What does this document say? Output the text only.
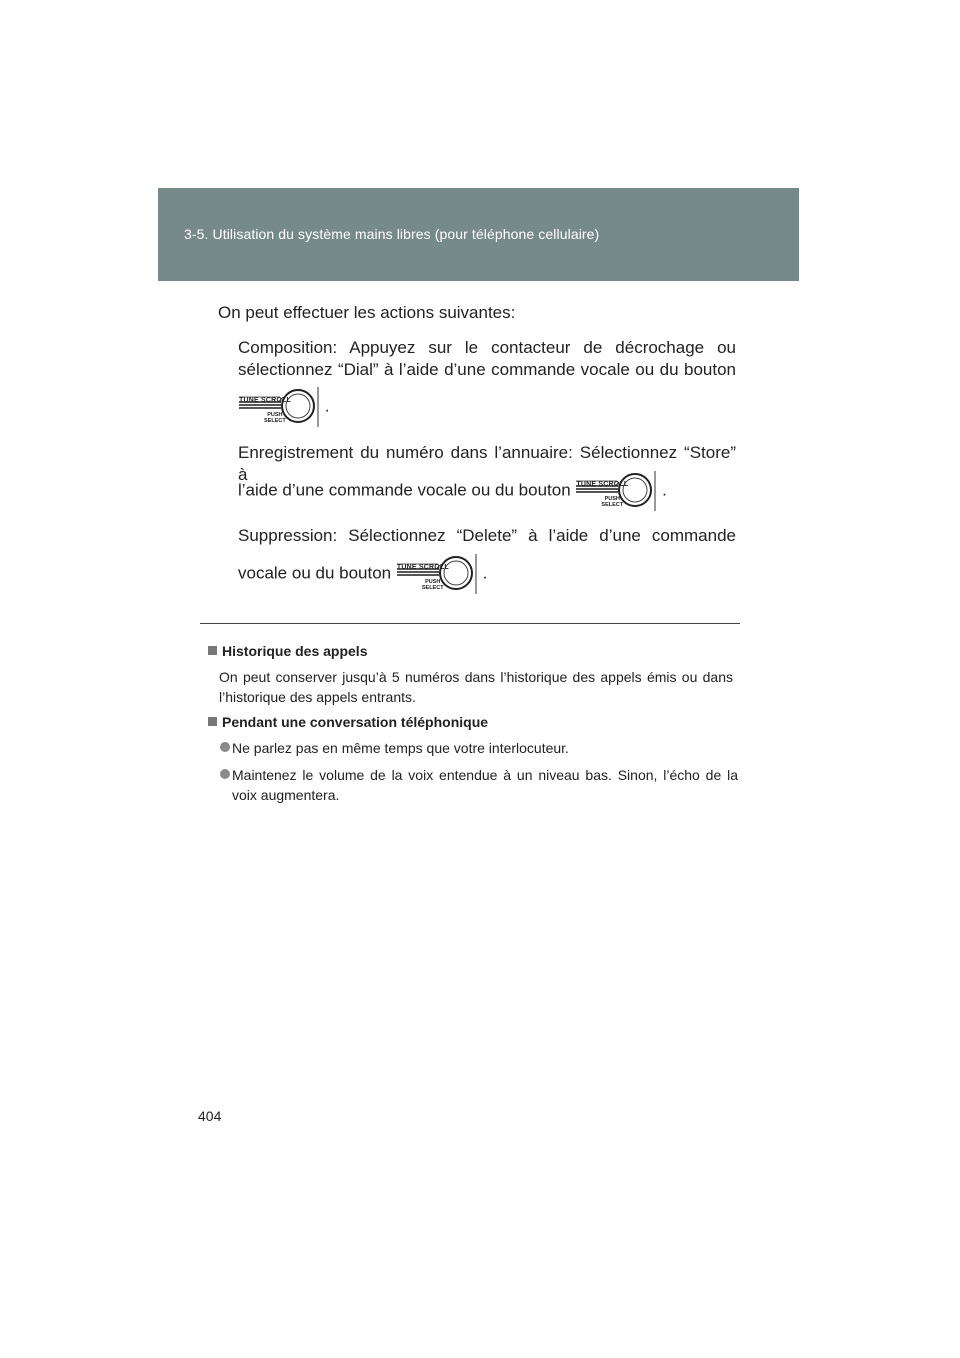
3-5. Utilisation du système mains libres (pour téléphone cellulaire)
On peut effectuer les actions suivantes:
Composition: Appuyez sur le contacteur de décrochage ou
sélectionnez “Dial” à l’aide d’une commande vocale ou du bouton
TUNE SCROLL
PUSH
SELECT
.
Enregistrement du numéro dans l’annuaire: Sélectionnez “Store” à
l’aide d’une commande vocale ou du bouton TUNE SCROLL
PUSH
SELECT
.
Suppression: Sélectionnez “Delete” à l’aide d’une commande
vocale ou du bouton TUNE SCROLL
PUSH
SELECT
.
Historique des appels
On peut conserver jusqu’à 5 numéros dans l’historique des appels émis ou dans l’historique des appels entrants.
Pendant une conversation téléphonique
Ne parlez pas en même temps que votre interlocuteur.
Maintenez le volume de la voix entendue à un niveau bas. Sinon, l’écho de la voix augmentera.
404
